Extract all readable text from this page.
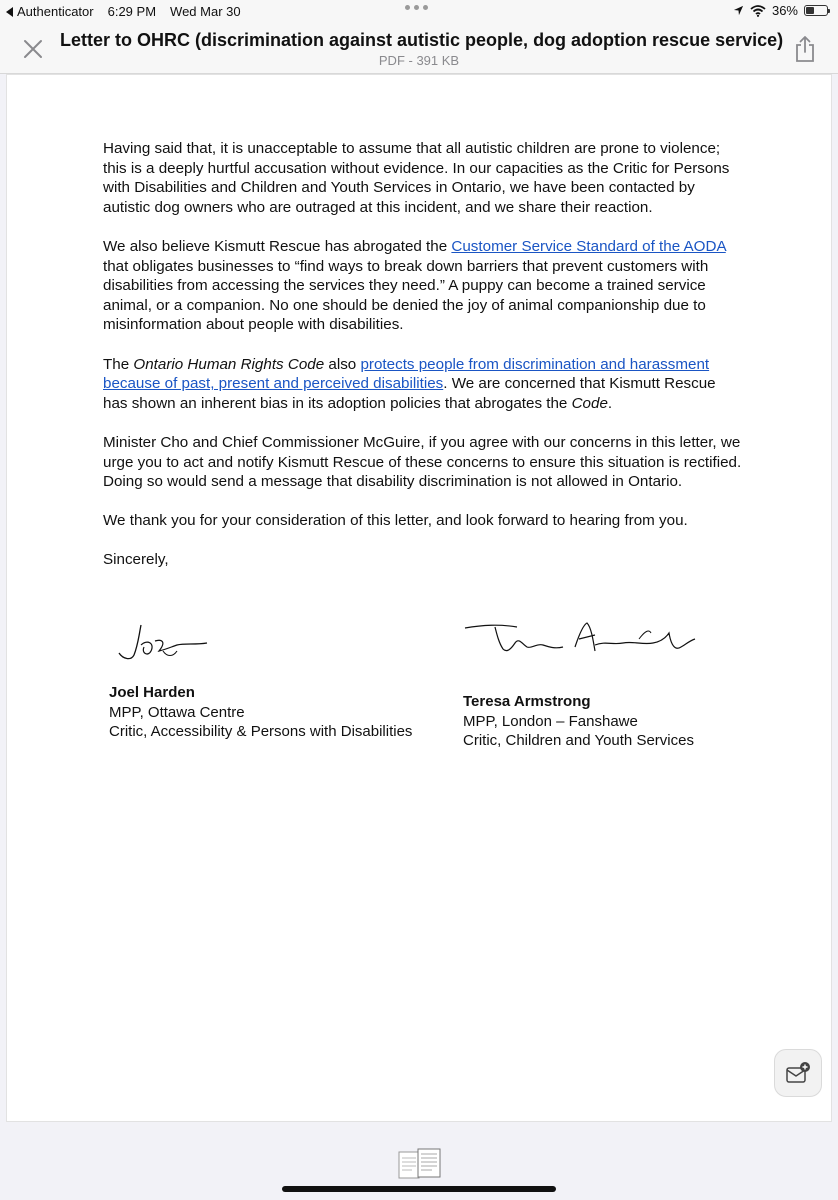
Authenticator 6:29 PM Wed Mar 30	36%
Letter to OHRC (discrimination against autistic people, dog adoption rescue service)
PDF - 391 KB

Having said that, it is unacceptable to assume that all autistic children are prone to violence; this is a deeply hurtful accusation without evidence. In our capacities as the Critic for Persons with Disabilities and Children and Youth Services in Ontario, we have been contacted by autistic dog owners who are outraged at this incident, and we share their reaction.

We also believe Kismutt Rescue has abrogated the Customer Service Standard of the AODA that obligates businesses to “find ways to break down barriers that prevent customers with disabilities from accessing the services they need.” A puppy can become a trained service animal, or a companion. No one should be denied the joy of animal companionship due to misinformation about people with disabilities.

The Ontario Human Rights Code also protects people from discrimination and harassment because of past, present and perceived disabilities. We are concerned that Kismutt Rescue has shown an inherent bias in its adoption policies that abrogates the Code.

Minister Cho and Chief Commissioner McGuire, if you agree with our concerns in this letter, we urge you to act and notify Kismutt Rescue of these concerns to ensure this situation is rectified. Doing so would send a message that disability discrimination is not allowed in Ontario.

We thank you for your consideration of this letter, and look forward to hearing from you.

Sincerely,

Joel Harden
MPP, Ottawa Centre
Critic, Accessibility & Persons with Disabilities
Teresa Armstrong
MPP, London – Fanshawe
Critic, Children and Youth Services
